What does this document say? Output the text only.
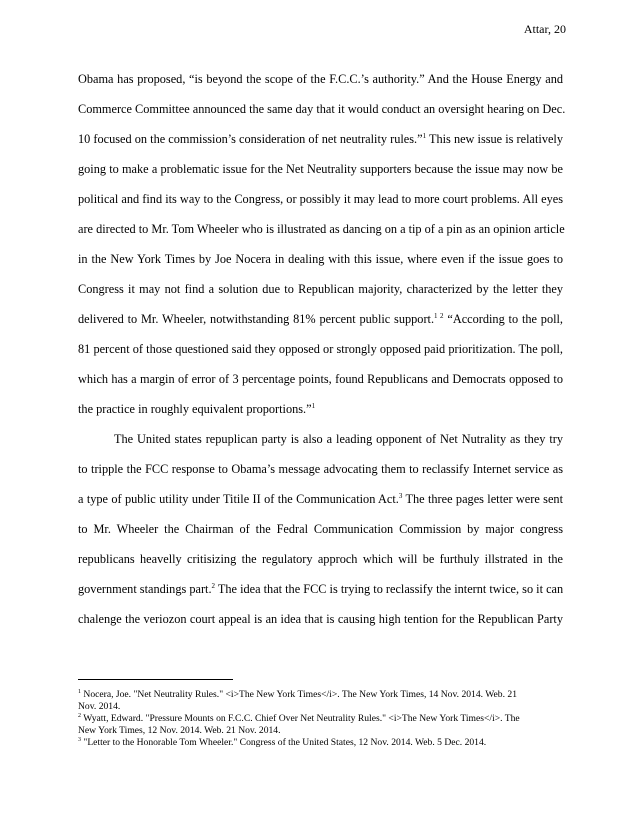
Attar, 20
Obama has proposed, “is beyond the scope of the F.C.C.’s authority.” And the House Energy and
Commerce Committee announced the same day that it would conduct an oversight hearing on Dec.
10 focused on the commission’s consideration of net neutrality rules.”$^1$ This new issue is relatively
going to make a problematic issue for the Net Neutrality supporters because the issue may now be
political and find its way to the Congress, or possibly it may lead to more court problems. All eyes
are directed to Mr. Tom Wheeler who is illustrated as dancing on a tip of a pin as an opinion article
in the New York Times by Joe Nocera in dealing with this issue, where even if the issue goes to
Congress it may not find a solution due to Republican majority, characterized by the letter they
delivered to Mr. Wheeler, notwithstanding 81% percent public support.$^{1 2}$ “According to the poll,
81 percent of those questioned said they opposed or strongly opposed paid prioritization. The poll,
which has a margin of error of 3 percentage points, found Republicans and Democrats opposed to
the practice in roughly equivalent proportions.”$^1$
The United states repuplican party is also a leading opponent of Net Nutrality as they try
to tripple the FCC response to Obama’s message advocating them to reclassify Internet service as
a type of public utility under Titile II of the Communication Act.$^3$ The three pages letter were sent
to Mr. Wheeler the Chairman of the Fedral Communication Commission by major congress
republicans heavelly critisizing the regulatory approch which will be furthuly illstrated in the
government standings part.$^2$ The idea that the FCC is trying to reclassify the internt twice, so it can
chalenge the veriozon court appeal is an idea that is causing high tention for the Republican Party
$^1$ Nocera, Joe. "Net Neutrality Rules." <i>The New York Times</i>. The New York Times, 14 Nov. 2014. Web. 21
Nov. 2014.
$^2$ Wyatt, Edward. "Pressure Mounts on F.C.C. Chief Over Net Neutrality Rules." <i>The New York Times</i>. The
New York Times, 12 Nov. 2014. Web. 21 Nov. 2014.
$^3$ "Letter to the Honorable Tom Wheeler." Congress of the United States, 12 Nov. 2014. Web. 5 Dec. 2014.
